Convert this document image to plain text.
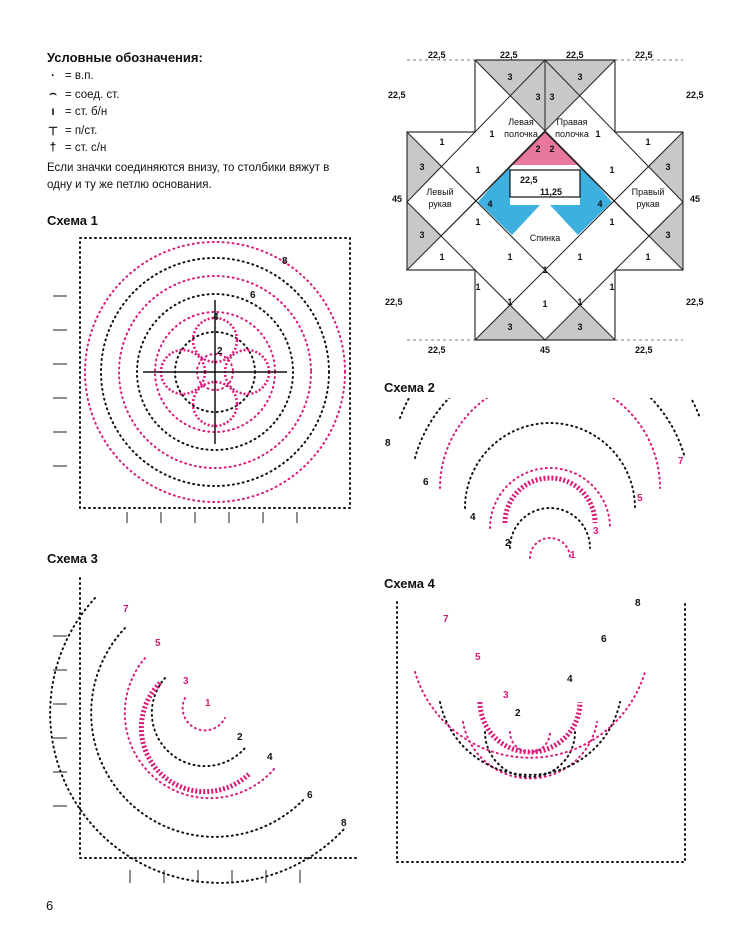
Условные обозначения:
· = в.п.
⌢ = соед. ст.
ı = ст. б/н
⊤ = п/ст.
† = ст. с/н
Если значки соединяются внизу, то столбики вяжут в одну и ту же петлю основания.
Схема 1
Схема 2
Схема 3
Схема 4
22,5	22,5	22,5	22,5
22,5	22,5
45	45
22,5	22,5
22,5	45	22,5
22,5
11,25
Левая
полочка
Правая
полочка
Левый
рукав
Правый
рукав
Спинка
3	3
3 3
2 2
1	1
1	1
3	3
1	1
1	1
3	3
4	4
1	1
1	1
1
1	1
1
3	3
1	1
2
4
6
8
1
2
3
4
5
6
7
8
1
2
3
4
5
6
7
8
2
3
4
5
6
7
8
6
